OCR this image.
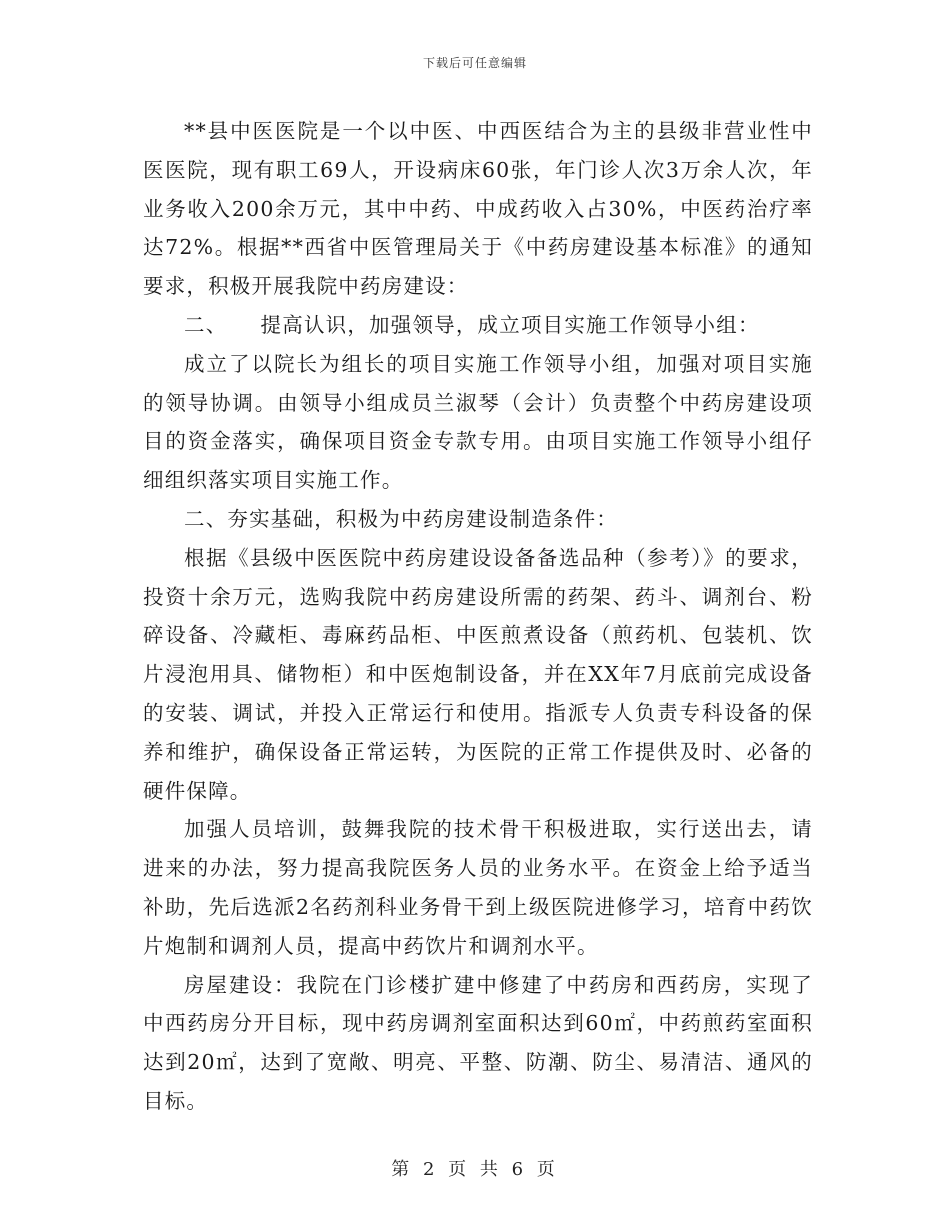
下载后可任意编辑

**县中医医院是一个以中医、中西医结合为主的县级非营业性中医医院，现有职工69人，开设病床60张，年门诊人次3万余人次，年业务收入200余万元，其中中药、中成药收入占30%，中医药治疗率达72%。根据**西省中医管理局关于《中药房建设基本标准》的通知要求，积极开展我院中药房建设：

二、　　提高认识，加强领导，成立项目实施工作领导小组：

成立了以院长为组长的项目实施工作领导小组，加强对项目实施的领导协调。由领导小组成员兰淑琴（会计）负责整个中药房建设项目的资金落实，确保项目资金专款专用。由项目实施工作领导小组仔细组织落实项目实施工作。

二、夯实基础，积极为中药房建设制造条件：

根据《县级中医医院中药房建设设备备选品种（参考）》的要求，投资十余万元，选购我院中药房建设所需的药架、药斗、调剂台、粉碎设备、冷藏柜、毒麻药品柜、中医煎煮设备（煎药机、包装机、饮片浸泡用具、储物柜）和中医炮制设备，并在XX年7月底前完成设备的安装、调试，并投入正常运行和使用。指派专人负责专科设备的保养和维护，确保设备正常运转，为医院的正常工作提供及时、必备的硬件保障。

加强人员培训，鼓舞我院的技术骨干积极进取，实行送出去，请进来的办法，努力提高我院医务人员的业务水平。在资金上给予适当补助，先后选派2名药剂科业务骨干到上级医院进修学习，培育中药饮片炮制和调剂人员，提高中药饮片和调剂水平。

房屋建设：我院在门诊楼扩建中修建了中药房和西药房，实现了中西药房分开目标，现中药房调剂室面积达到60㎡，中药煎药室面积达到20㎡，达到了宽敞、明亮、平整、防潮、防尘、易清洁、通风的目标。

第 2 页 共 6 页
